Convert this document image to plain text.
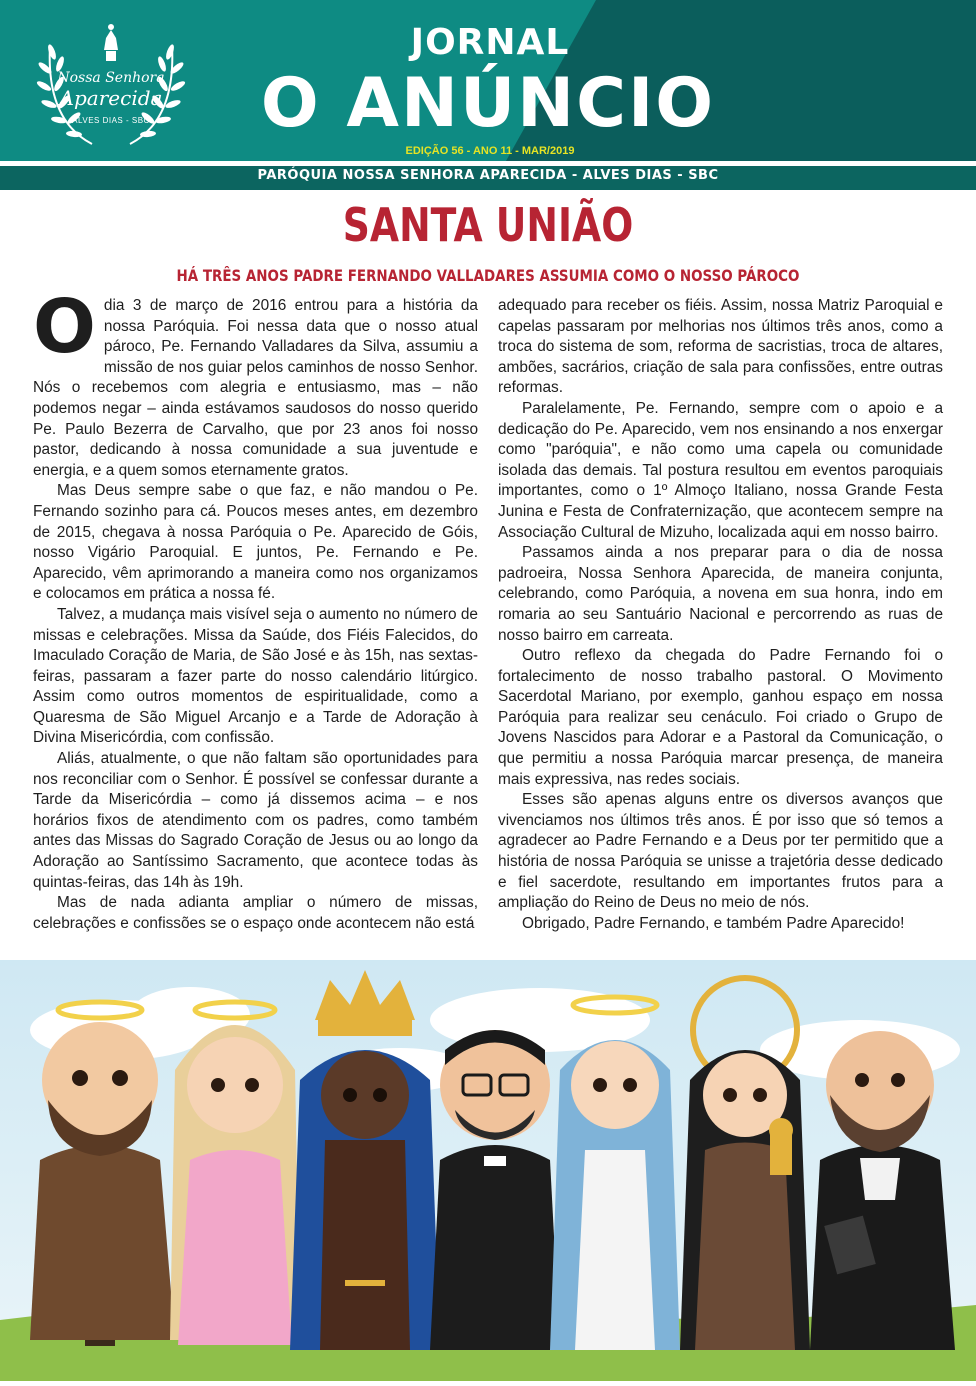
Nossa Senhora
Aparecida
ALVES DIAS - SBC
JORNAL
O ANÚNCIO
EDIÇÃO 56 - ANO 11 - MAR/2019
PARÓQUIA NOSSA SENHORA APARECIDA - ALVES DIAS - SBC
SANTA UNIÃO
HÁ TRÊS ANOS PADRE FERNANDO VALLADARES ASSUMIA COMO O NOSSO PÁROCO

O dia 3 de março de 2016 entrou para a história da nossa Paróquia. Foi nessa data que o nosso atual pároco, Pe. Fernando Valladares da Silva, assumiu a missão de nos guiar pelos caminhos de nosso Senhor. Nós o recebemos com alegria e entusiasmo, mas – não podemos negar – ainda estávamos saudosos do nosso querido Pe. Paulo Bezerra de Carvalho, que por 23 anos foi nosso pastor, dedicando à nossa comunidade a sua juventude e energia, e a quem somos eternamente gratos.

Mas Deus sempre sabe o que faz, e não mandou o Pe. Fernando sozinho para cá. Poucos meses antes, em dezembro de 2015, chegava à nossa Paróquia o Pe. Aparecido de Góis, nosso Vigário Paroquial. E juntos, Pe. Fernando e Pe. Aparecido, vêm aprimorando a maneira como nos organizamos e colocamos em prática a nossa fé.

Talvez, a mudança mais visível seja o aumento no número de missas e celebrações. Missa da Saúde, dos Fiéis Falecidos, do Imaculado Coração de Maria, de São José e às 15h, nas sextas-feiras, passaram a fazer parte do nosso calendário litúrgico. Assim como outros momentos de espiritualidade, como a Quaresma de São Miguel Arcanjo e a Tarde de Adoração à Divina Misericórdia, com confissão.

Aliás, atualmente, o que não faltam são oportunidades para nos reconciliar com o Senhor. É possível se confessar durante a Tarde da Misericórdia – como já dissemos acima – e nos horários fixos de atendimento com os padres, como também antes das Missas do Sagrado Coração de Jesus ou ao longo da Adoração ao Santíssimo Sacramento, que acontece todas às quintas-feiras, das 14h às 19h.

Mas de nada adianta ampliar o número de missas, celebrações e confissões se o espaço onde acontecem não está

adequado para receber os fiéis. Assim, nossa Matriz Paroquial e capelas passaram por melhorias nos últimos três anos, como a troca do sistema de som, reforma de sacristias, troca de altares, ambões, sacrários, criação de sala para confissões, entre outras reformas.

Paralelamente, Pe. Fernando, sempre com o apoio e a dedicação do Pe. Aparecido, vem nos ensinando a nos enxergar como "paróquia", e não como uma capela ou comunidade isolada das demais. Tal postura resultou em eventos paroquiais importantes, como o 1º Almoço Italiano, nossa Grande Festa Junina e Festa de Confraternização, que acontecem sempre na Associação Cultural de Mizuho, localizada aqui em nosso bairro.

Passamos ainda a nos preparar para o dia de nossa padroeira, Nossa Senhora Aparecida, de maneira conjunta, celebrando, como Paróquia, a novena em sua honra, indo em romaria ao seu Santuário Nacional e percorrendo as ruas de nosso bairro em carreata.

Outro reflexo da chegada do Padre Fernando foi o fortalecimento de nosso trabalho pastoral. O Movimento Sacerdotal Mariano, por exemplo, ganhou espaço em nossa Paróquia para realizar seu cenáculo. Foi criado o Grupo de Jovens Nascidos para Adorar e a Pastoral da Comunicação, o que permitiu a nossa Paróquia marcar presença, de maneira mais expressiva, nas redes sociais.

Esses são apenas alguns entre os diversos avanços que vivenciamos nos últimos três anos. É por isso que só temos a agradecer ao Padre Fernando e a Deus por ter permitido que a história de nossa Paróquia se unisse a trajetória desse dedicado e fiel sacerdote, resultando em importantes frutos para a ampliação do Reino de Deus no meio de nós.

Obrigado, Padre Fernando, e também Padre Aparecido!
